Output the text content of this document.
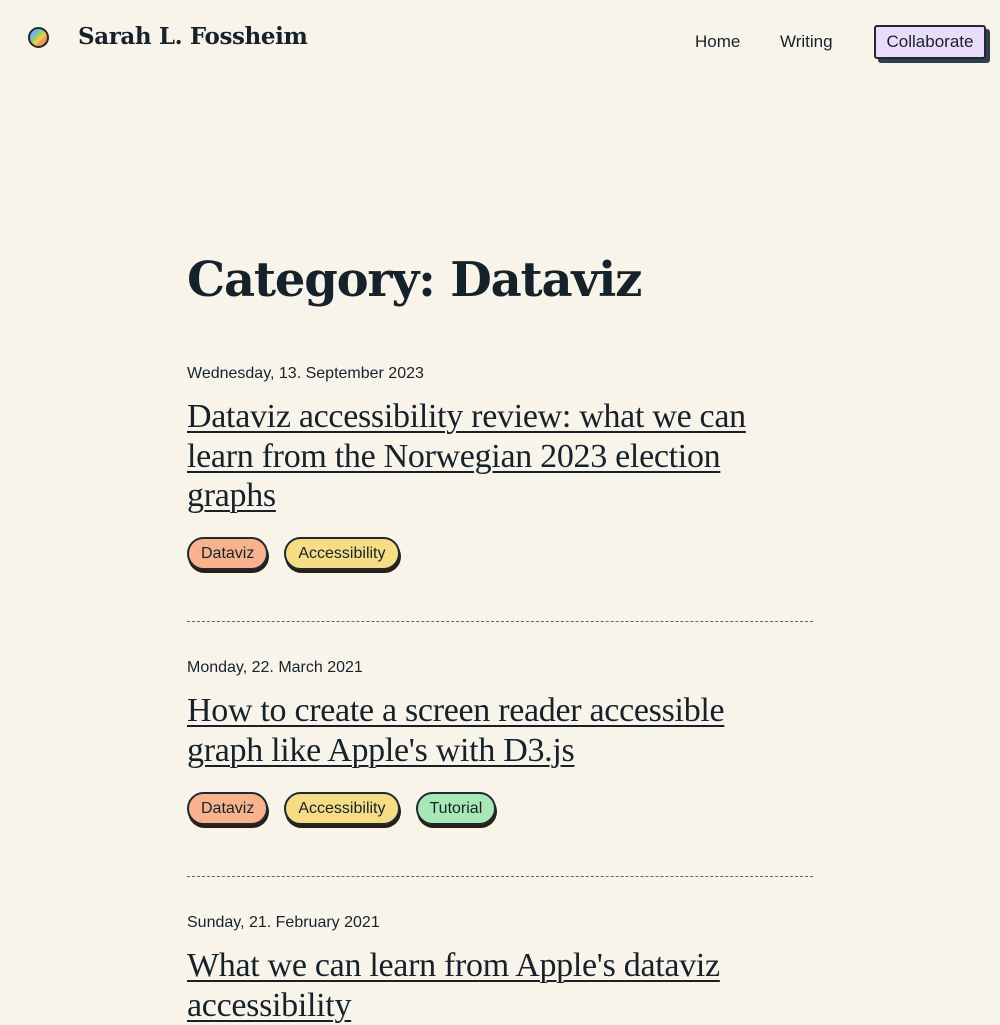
Sarah L. Fossheim	Home Writing	Collaborate
Category: Dataviz
Wednesday, 13. September 2023
Dataviz accessibility review: what we can learn from the Norwegian 2023 election graphs
Dataviz	Accessibility
Monday, 22. March 2021
How to create a screen reader accessible graph like Apple's with D3.js
Dataviz	Accessibility	Tutorial
Sunday, 21. February 2021
What we can learn from Apple's dataviz accessibility
